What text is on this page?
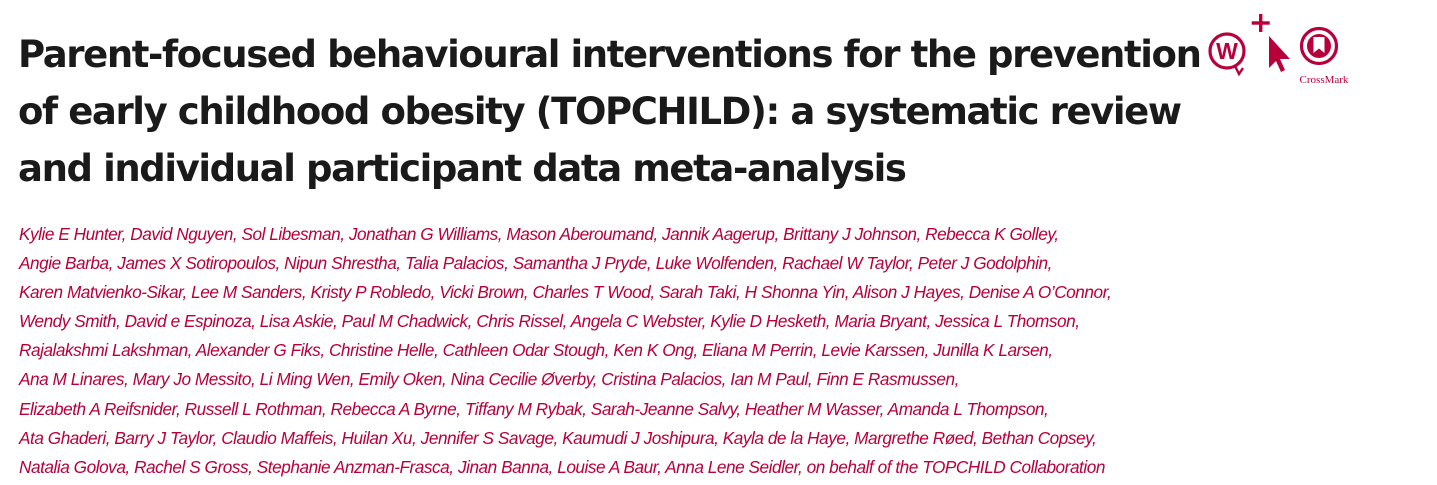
Parent-focused behavioural interventions for the prevention
of early childhood obesity (TOPCHILD): a systematic review
and individual participant data meta-analysis
W
CrossMark
Kylie E Hunter, David Nguyen, Sol Libesman, Jonathan G Williams, Mason Aberoumand, Jannik Aagerup, Brittany J Johnson, Rebecca K Golley,
Angie Barba, James X Sotiropoulos, Nipun Shrestha, Talia Palacios, Samantha J Pryde, Luke Wolfenden, Rachael W Taylor, Peter J Godolphin,
Karen Matvienko-Sikar, Lee M Sanders, Kristy P Robledo, Vicki Brown, Charles T Wood, Sarah Taki, H Shonna Yin, Alison J Hayes, Denise A O’Connor,
Wendy Smith, David e Espinoza, Lisa Askie, Paul M Chadwick, Chris Rissel, Angela C Webster, Kylie D Hesketh, Maria Bryant, Jessica L Thomson,
Rajalakshmi Lakshman, Alexander G Fiks, Christine Helle, Cathleen Odar Stough, Ken K Ong, Eliana M Perrin, Levie Karssen, Junilla K Larsen,
Ana M Linares, Mary Jo Messito, Li Ming Wen, Emily Oken, Nina Cecilie Øverby, Cristina Palacios, Ian M Paul, Finn E Rasmussen,
Elizabeth A Reifsnider, Russell L Rothman, Rebecca A Byrne, Tiffany M Rybak, Sarah-Jeanne Salvy, Heather M Wasser, Amanda L Thompson,
Ata Ghaderi, Barry J Taylor, Claudio Maffeis, Huilan Xu, Jennifer S Savage, Kaumudi J Joshipura, Kayla de la Haye, Margrethe Røed, Bethan Copsey,
Natalia Golova, Rachel S Gross, Stephanie Anzman-Frasca, Jinan Banna, Louise A Baur, Anna Lene Seidler, on behalf of the TOPCHILD Collaboration
